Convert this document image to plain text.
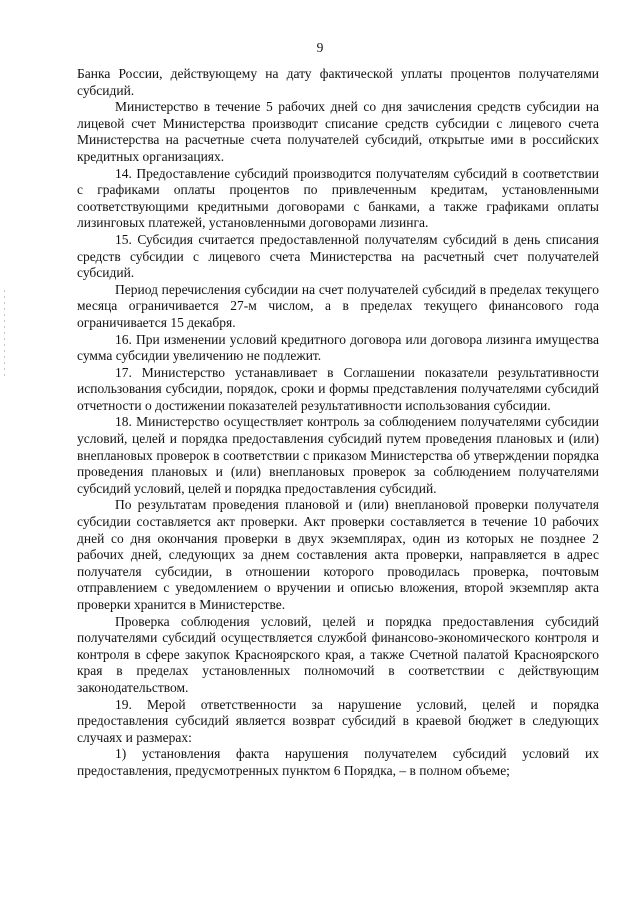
9

Банка России, действующему на дату фактической уплаты процентов получателями субсидий.

Министерство в течение 5 рабочих дней со дня зачисления средств субсидии на лицевой счет Министерства производит списание средств субсидии с лицевого счета Министерства на расчетные счета получателей субсидий, открытые ими в российских кредитных организациях.

14. Предоставление субсидий производится получателям субсидий в соответствии с графиками оплаты процентов по привлеченным кредитам, установленными соответствующими кредитными договорами с банками, а также графиками оплаты лизинговых платежей, установленными договорами лизинга.

15. Субсидия считается предоставленной получателям субсидий в день списания средств субсидии с лицевого счета Министерства на расчетный счет получателей субсидий.

Период перечисления субсидии на счет получателей субсидий в пределах текущего месяца ограничивается 27-м числом, а в пределах текущего финансового года ограничивается 15 декабря.

16. При изменении условий кредитного договора или договора лизинга имущества сумма субсидии увеличению не подлежит.

17. Министерство устанавливает в Соглашении показатели результативности использования субсидии, порядок, сроки и формы представления получателями субсидий отчетности о достижении показателей результативности использования субсидии.

18. Министерство осуществляет контроль за соблюдением получателями субсидии условий, целей и порядка предоставления субсидий путем проведения плановых и (или) внеплановых проверок в соответствии с приказом Министерства об утверждении порядка проведения плановых и (или) внеплановых проверок за соблюдением получателями субсидий условий, целей и порядка предоставления субсидий.

По результатам проведения плановой и (или) внеплановой проверки получателя субсидии составляется акт проверки. Акт проверки составляется в течение 10 рабочих дней со дня окончания проверки в двух экземплярах, один из которых не позднее 2 рабочих дней, следующих за днем составления акта проверки, направляется в адрес получателя субсидии, в отношении которого проводилась проверка, почтовым отправлением с уведомлением о вручении и описью вложения, второй экземпляр акта проверки хранится в Министерстве.

Проверка соблюдения условий, целей и порядка предоставления субсидий получателями субсидий осуществляется службой финансово-экономического контроля и контроля в сфере закупок Красноярского края, а также Счетной палатой Красноярского края в пределах установленных полномочий в соответствии с действующим законодательством.

19. Мерой ответственности за нарушение условий, целей и порядка предоставления субсидий является возврат субсидий в краевой бюджет в следующих случаях и размерах:

1) установления факта нарушения получателем субсидий условий их предоставления, предусмотренных пунктом 6 Порядка, – в полном объеме;
